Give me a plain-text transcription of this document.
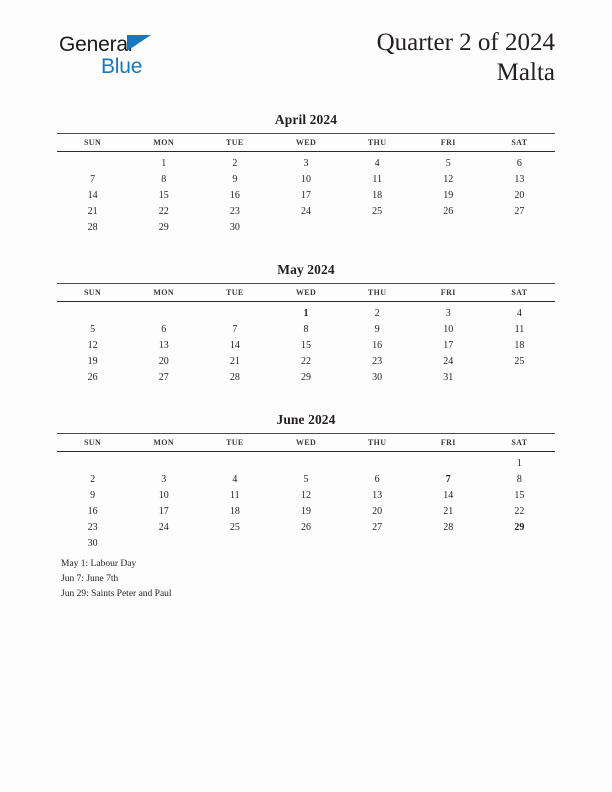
General
Blue
Quarter 2 of 2024
Malta
April 2024
SUN	MON	TUE	WED	THU	FRI	SAT
	1	2	3	4	5	6
7	8	9	10	11	12	13
14	15	16	17	18	19	20
21	22	23	24	25	26	27
28	29	30				
May 2024
SUN	MON	TUE	WED	THU	FRI	SAT
			1	2	3	4
5	6	7	8	9	10	11
12	13	14	15	16	17	18
19	20	21	22	23	24	25
26	27	28	29	30	31	
June 2024
SUN	MON	TUE	WED	THU	FRI	SAT
						1
2	3	4	5	6	7	8
9	10	11	12	13	14	15
16	17	18	19	20	21	22
23	24	25	26	27	28	29
30						
May 1: Labour Day
Jun 7: June 7th
Jun 29: Saints Peter and Paul
